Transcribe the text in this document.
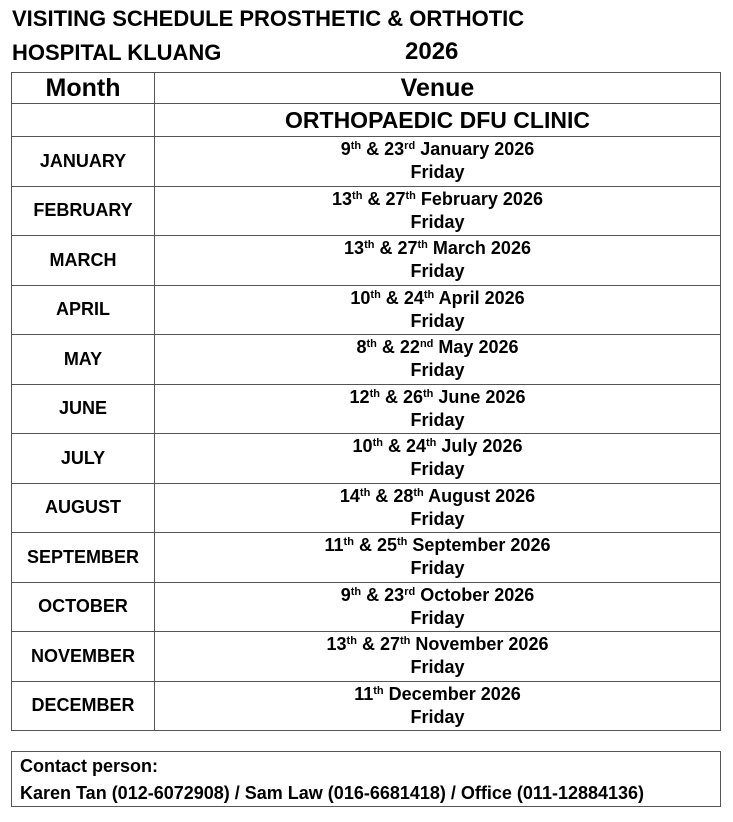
VISITING SCHEDULE PROSTHETIC & ORTHOTIC
HOSPITAL KLUANG	2026
Month	Venue
	ORTHOPAEDIC DFU CLINIC
JANUARY	9th & 23rd January 2026
Friday

FEBRUARY	13th & 27th February 2026
Friday

MARCH	13th & 27th March 2026
Friday

APRIL	10th & 24th April 2026
Friday

MAY	8th & 22nd May 2026
Friday

JUNE	12th & 26th June 2026
Friday

JULY	10th & 24th July 2026
Friday

AUGUST	14th & 28th August 2026
Friday

SEPTEMBER	11th & 25th September 2026
Friday

OCTOBER	9th & 23rd October 2026
Friday

NOVEMBER	13th & 27th November 2026
Friday

DECEMBER	11th December 2026
Friday
Contact person:
Karen Tan (012-6072908) / Sam Law (016-6681418) / Office (011-12884136)
